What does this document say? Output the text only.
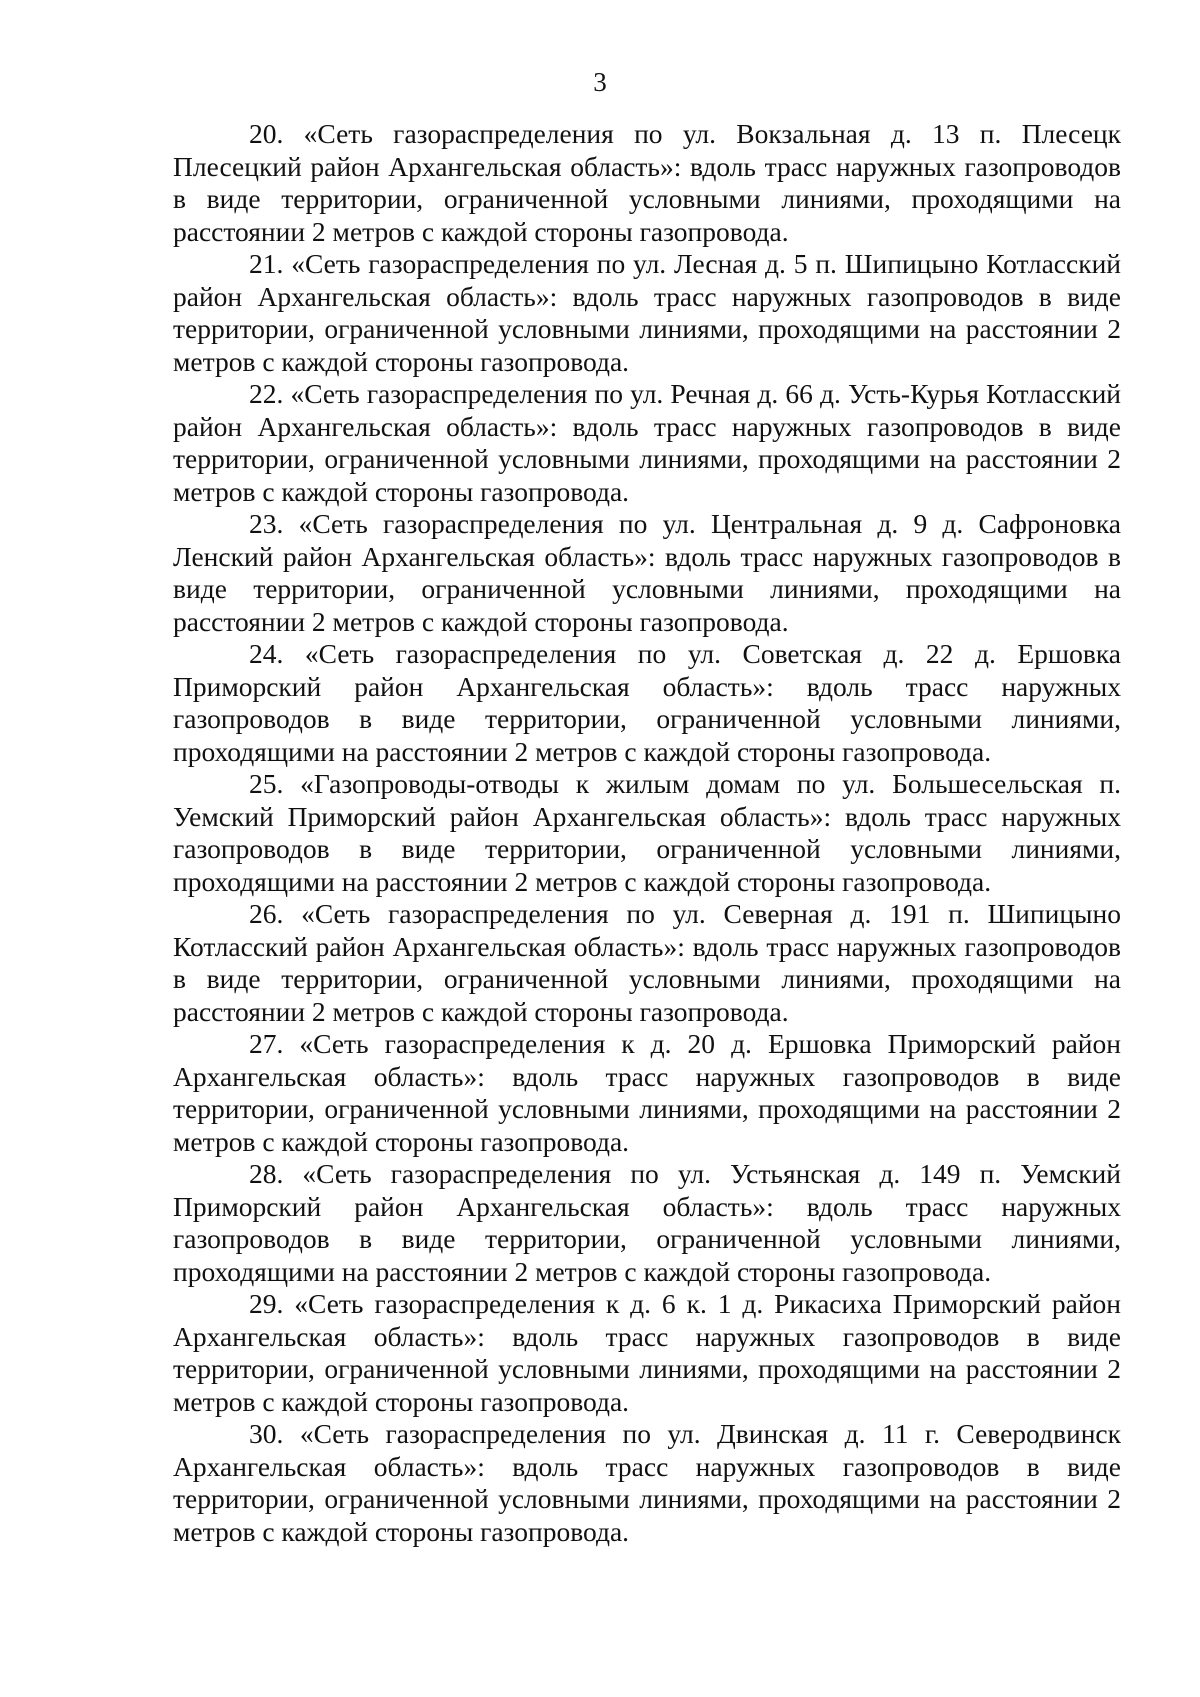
3

20. «Сеть газораспределения по ул. Вокзальная д. 13 п. Плесецк Плесецкий район Архангельская область»: вдоль трасс наружных газопроводов в виде территории, ограниченной условными линиями, проходящими на расстоянии 2 метров с каждой стороны газопровода.

21. «Сеть газораспределения по ул. Лесная д. 5 п. Шипицыно Котласский район Архангельская область»: вдоль трасс наружных газопроводов в виде территории, ограниченной условными линиями, проходящими на расстоянии 2 метров с каждой стороны газопровода.

22. «Сеть газораспределения по ул. Речная д. 66 д. Усть-Курья Котласский район Архангельская область»: вдоль трасс наружных газопроводов в виде территории, ограниченной условными линиями, проходящими на расстоянии 2 метров с каждой стороны газопровода.

23. «Сеть газораспределения по ул. Центральная д. 9 д. Сафроновка Ленский район Архангельская область»: вдоль трасс наружных газопроводов в виде территории, ограниченной условными линиями, проходящими на расстоянии 2 метров с каждой стороны газопровода.

24. «Сеть газораспределения по ул. Советская д. 22 д. Ершовка Приморский район Архангельская область»: вдоль трасс наружных газопроводов в виде территории, ограниченной условными линиями, проходящими на расстоянии 2 метров с каждой стороны газопровода.

25. «Газопроводы-отводы к жилым домам по ул. Большесельская п. Уемский Приморский район Архангельская область»: вдоль трасс наружных газопроводов в виде территории, ограниченной условными линиями, проходящими на расстоянии 2 метров с каждой стороны газопровода.

26. «Сеть газораспределения по ул. Северная д. 191 п. Шипицыно Котласский район Архангельская область»: вдоль трасс наружных газопроводов в виде территории, ограниченной условными линиями, проходящими на расстоянии 2 метров с каждой стороны газопровода.

27. «Сеть газораспределения к д. 20 д. Ершовка Приморский район Архангельская область»: вдоль трасс наружных газопроводов в виде территории, ограниченной условными линиями, проходящими на расстоянии 2 метров с каждой стороны газопровода.

28. «Сеть газораспределения по ул. Устьянская д. 149 п. Уемский Приморский район Архангельская область»: вдоль трасс наружных газопроводов в виде территории, ограниченной условными линиями, проходящими на расстоянии 2 метров с каждой стороны газопровода.

29. «Сеть газораспределения к д. 6 к. 1 д. Рикасиха Приморский район Архангельская область»: вдоль трасс наружных газопроводов в виде территории, ограниченной условными линиями, проходящими на расстоянии 2 метров с каждой стороны газопровода.

30. «Сеть газораспределения по ул. Двинская д. 11 г. Северодвинск Архангельская область»: вдоль трасс наружных газопроводов в виде территории, ограниченной условными линиями, проходящими на расстоянии 2 метров с каждой стороны газопровода.
